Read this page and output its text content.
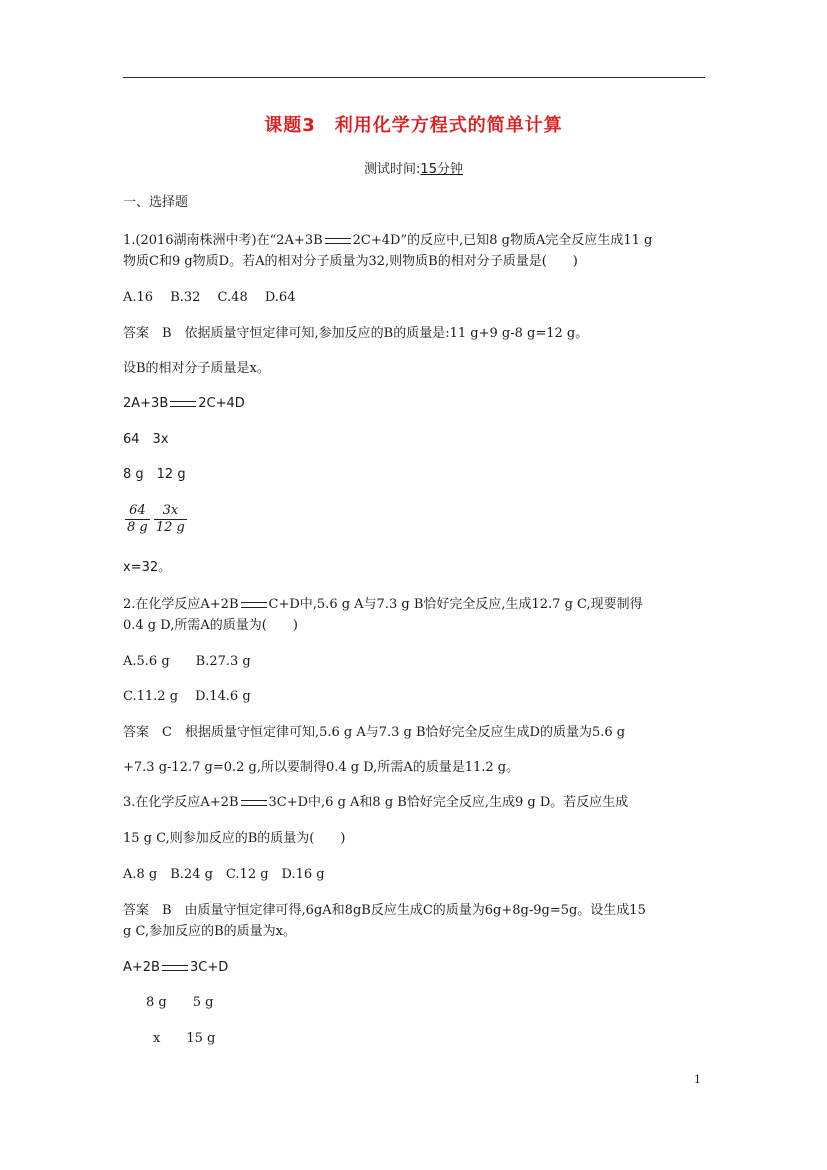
课题3　利用化学方程式的简单计算
测试时间:15分钟
一、选择题
1.(2016湖南株洲中考)在“2A+3B 2C+4D”的反应中,已知8 g物质A完全反应生成11 g
物质C和9 g物质D。若A的相对分子质量为32,则物质B的相对分子质量是(　　)
A.16　 B.32　 C.48　 D.64
答案　B　依据质量守恒定律可知,参加反应的B的质量是:11 g+9 g-8 g=12 g。
设B的相对分子质量是x。
2A+3B 2C+4D
64　3x
8 g　12 g
$\frac{64}{8 g}$
$\frac{3x}{12 g}$
x=32。
2.在化学反应A+2B C+D中,5.6 g A与7.3 g B恰好完全反应,生成12.7 g C,现要制得
0.4 g D,所需A的质量为(　　)
A.5.6 g　　B.27.3 g
C.11.2 g　 D.14.6 g
答案　C　根据质量守恒定律可知,5.6 g A与7.3 g B恰好完全反应生成D的质量为5.6 g
+7.3 g-12.7 g=0.2 g,所以要制得0.4 g D,所需A的质量是11.2 g。
3.在化学反应A+2B 3C+D中,6 g A和8 g B恰好完全反应,生成9 g D。若反应生成
15 g C,则参加反应的B的质量为(　　)
A.8 g　B.24 g　C.12 g　D.16 g
答案　B　由质量守恒定律可得,6gA和8gB反应生成C的质量为6g+8g-9g=5g。设生成15
g C,参加反应的B的质量为x。
A+2B 3C+D
8 g　　5 g
x　　15 g
1
